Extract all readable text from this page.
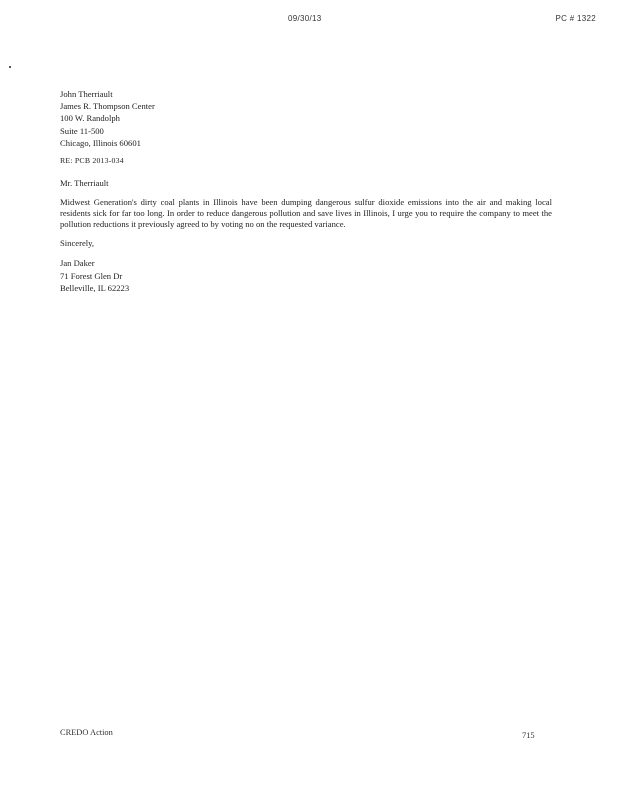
09/30/13	PC # 1322
John Therriault
James R. Thompson Center
100 W. Randolph
Suite 11-500
Chicago, Illinois 60601
RE: PCB 2013-034
Mr. Therriault
Midwest Generation's dirty coal plants in Illinois have been dumping dangerous sulfur dioxide emissions into the air and making local residents sick for far too long. In order to reduce dangerous pollution and save lives in Illinois, I urge you to require the company to meet the pollution reductions it previously agreed to by voting no on the requested variance.
Sincerely,
Jan Daker
71 Forest Glen Dr
Belleville, IL 62223
CREDO Action	715
